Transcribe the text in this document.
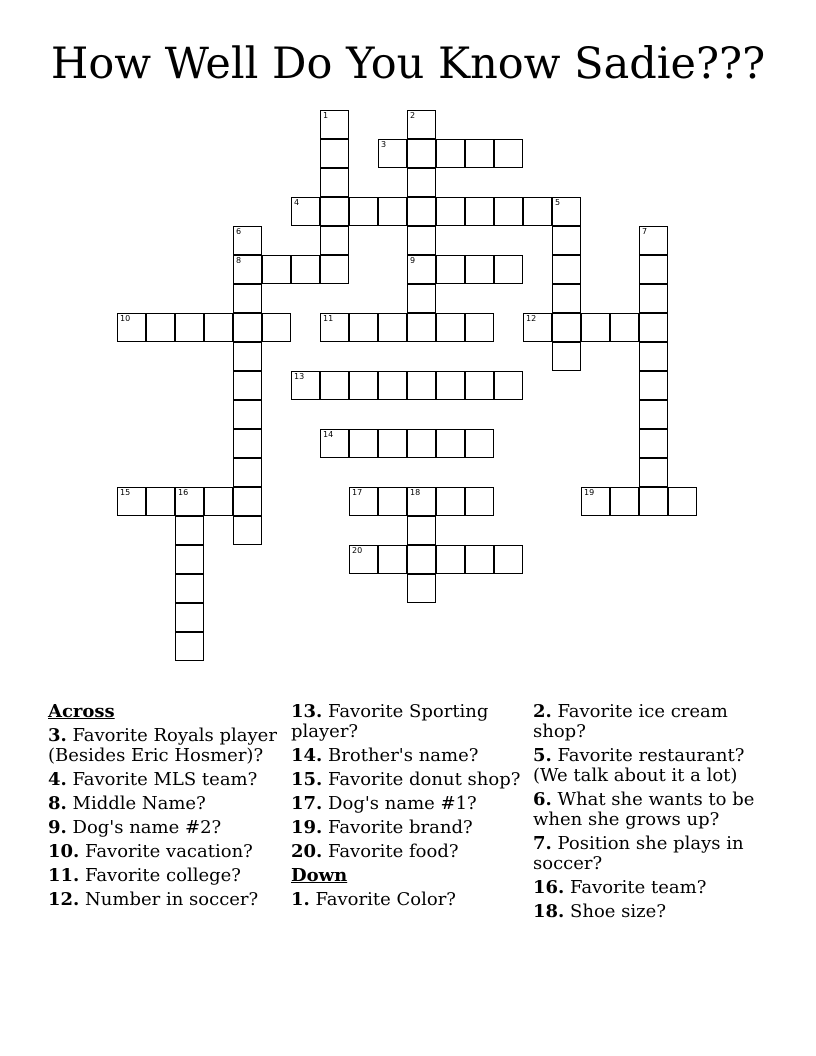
How Well Do You Know Sadie???
1	2
3
4	5
6	7
8	9
10	11	12
13
14
15	16	17	18	19
20
Across
3. Favorite Royals player (Besides Eric Hosmer)?
4. Favorite MLS team?
8. Middle Name?
9. Dog's name #2?
10. Favorite vacation?
11. Favorite college?
12. Number in soccer?
13. Favorite Sporting player?
14. Brother's name?
15. Favorite donut shop?
17. Dog's name #1?
19. Favorite brand?
20. Favorite food?
Down
1. Favorite Color?
2. Favorite ice cream shop?
5. Favorite restaurant? (We talk about it a lot)
6. What she wants to be when she grows up?
7. Position she plays in soccer?
16. Favorite team?
18. Shoe size?
